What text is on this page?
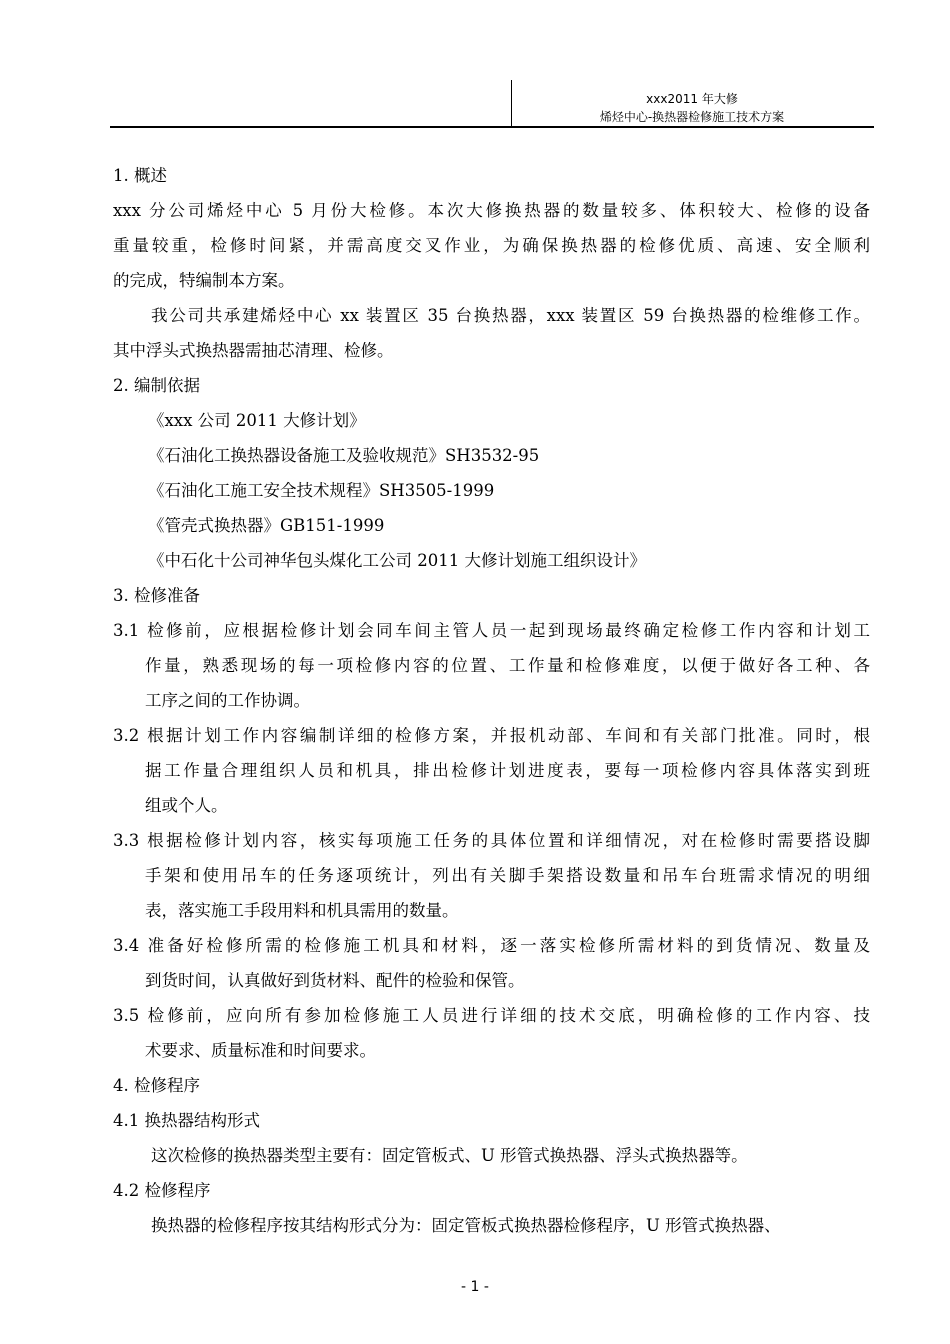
xxx2011 年大修
烯烃中心-换热器检修施工技术方案
1. 概述
xxx 分公司烯烃中心 5 月份大检修。本次大修换热器的数量较多、体积较大、检修的设备
重量较重，检修时间紧，并需高度交叉作业，为确保换热器的检修优质、高速、安全顺利
的完成，特编制本方案。
我公司共承建烯烃中心 xx 装置区 35 台换热器，xxx 装置区 59 台换热器的检维修工作。
其中浮头式换热器需抽芯清理、检修。
2. 编制依据
《xxx 公司 2011 大修计划》
《石油化工换热器设备施工及验收规范》SH3532-95
《石油化工施工安全技术规程》SH3505-1999
《管壳式换热器》GB151-1999
《中石化十公司神华包头煤化工公司 2011 大修计划施工组织设计》
3. 检修准备
3.1 检修前，应根据检修计划会同车间主管人员一起到现场最终确定检修工作内容和计划工
作量，熟悉现场的每一项检修内容的位置、工作量和检修难度，以便于做好各工种、各
工序之间的工作协调。
3.2 根据计划工作内容编制详细的检修方案，并报机动部、车间和有关部门批准。同时，根
据工作量合理组织人员和机具，排出检修计划进度表，要每一项检修内容具体落实到班
组或个人。
3.3 根据检修计划内容，核实每项施工任务的具体位置和详细情况，对在检修时需要搭设脚
手架和使用吊车的任务逐项统计，列出有关脚手架搭设数量和吊车台班需求情况的明细
表，落实施工手段用料和机具需用的数量。
3.4 准备好检修所需的检修施工机具和材料，逐一落实检修所需材料的到货情况、数量及
到货时间，认真做好到货材料、配件的检验和保管。
3.5 检修前，应向所有参加检修施工人员进行详细的技术交底，明确检修的工作内容、技
术要求、质量标准和时间要求。
4. 检修程序
4.1 换热器结构形式
这次检修的换热器类型主要有：固定管板式、U 形管式换热器、浮头式换热器等。
4.2 检修程序
换热器的检修程序按其结构形式分为：固定管板式换热器检修程序，U 形管式换热器、
- 1 -
